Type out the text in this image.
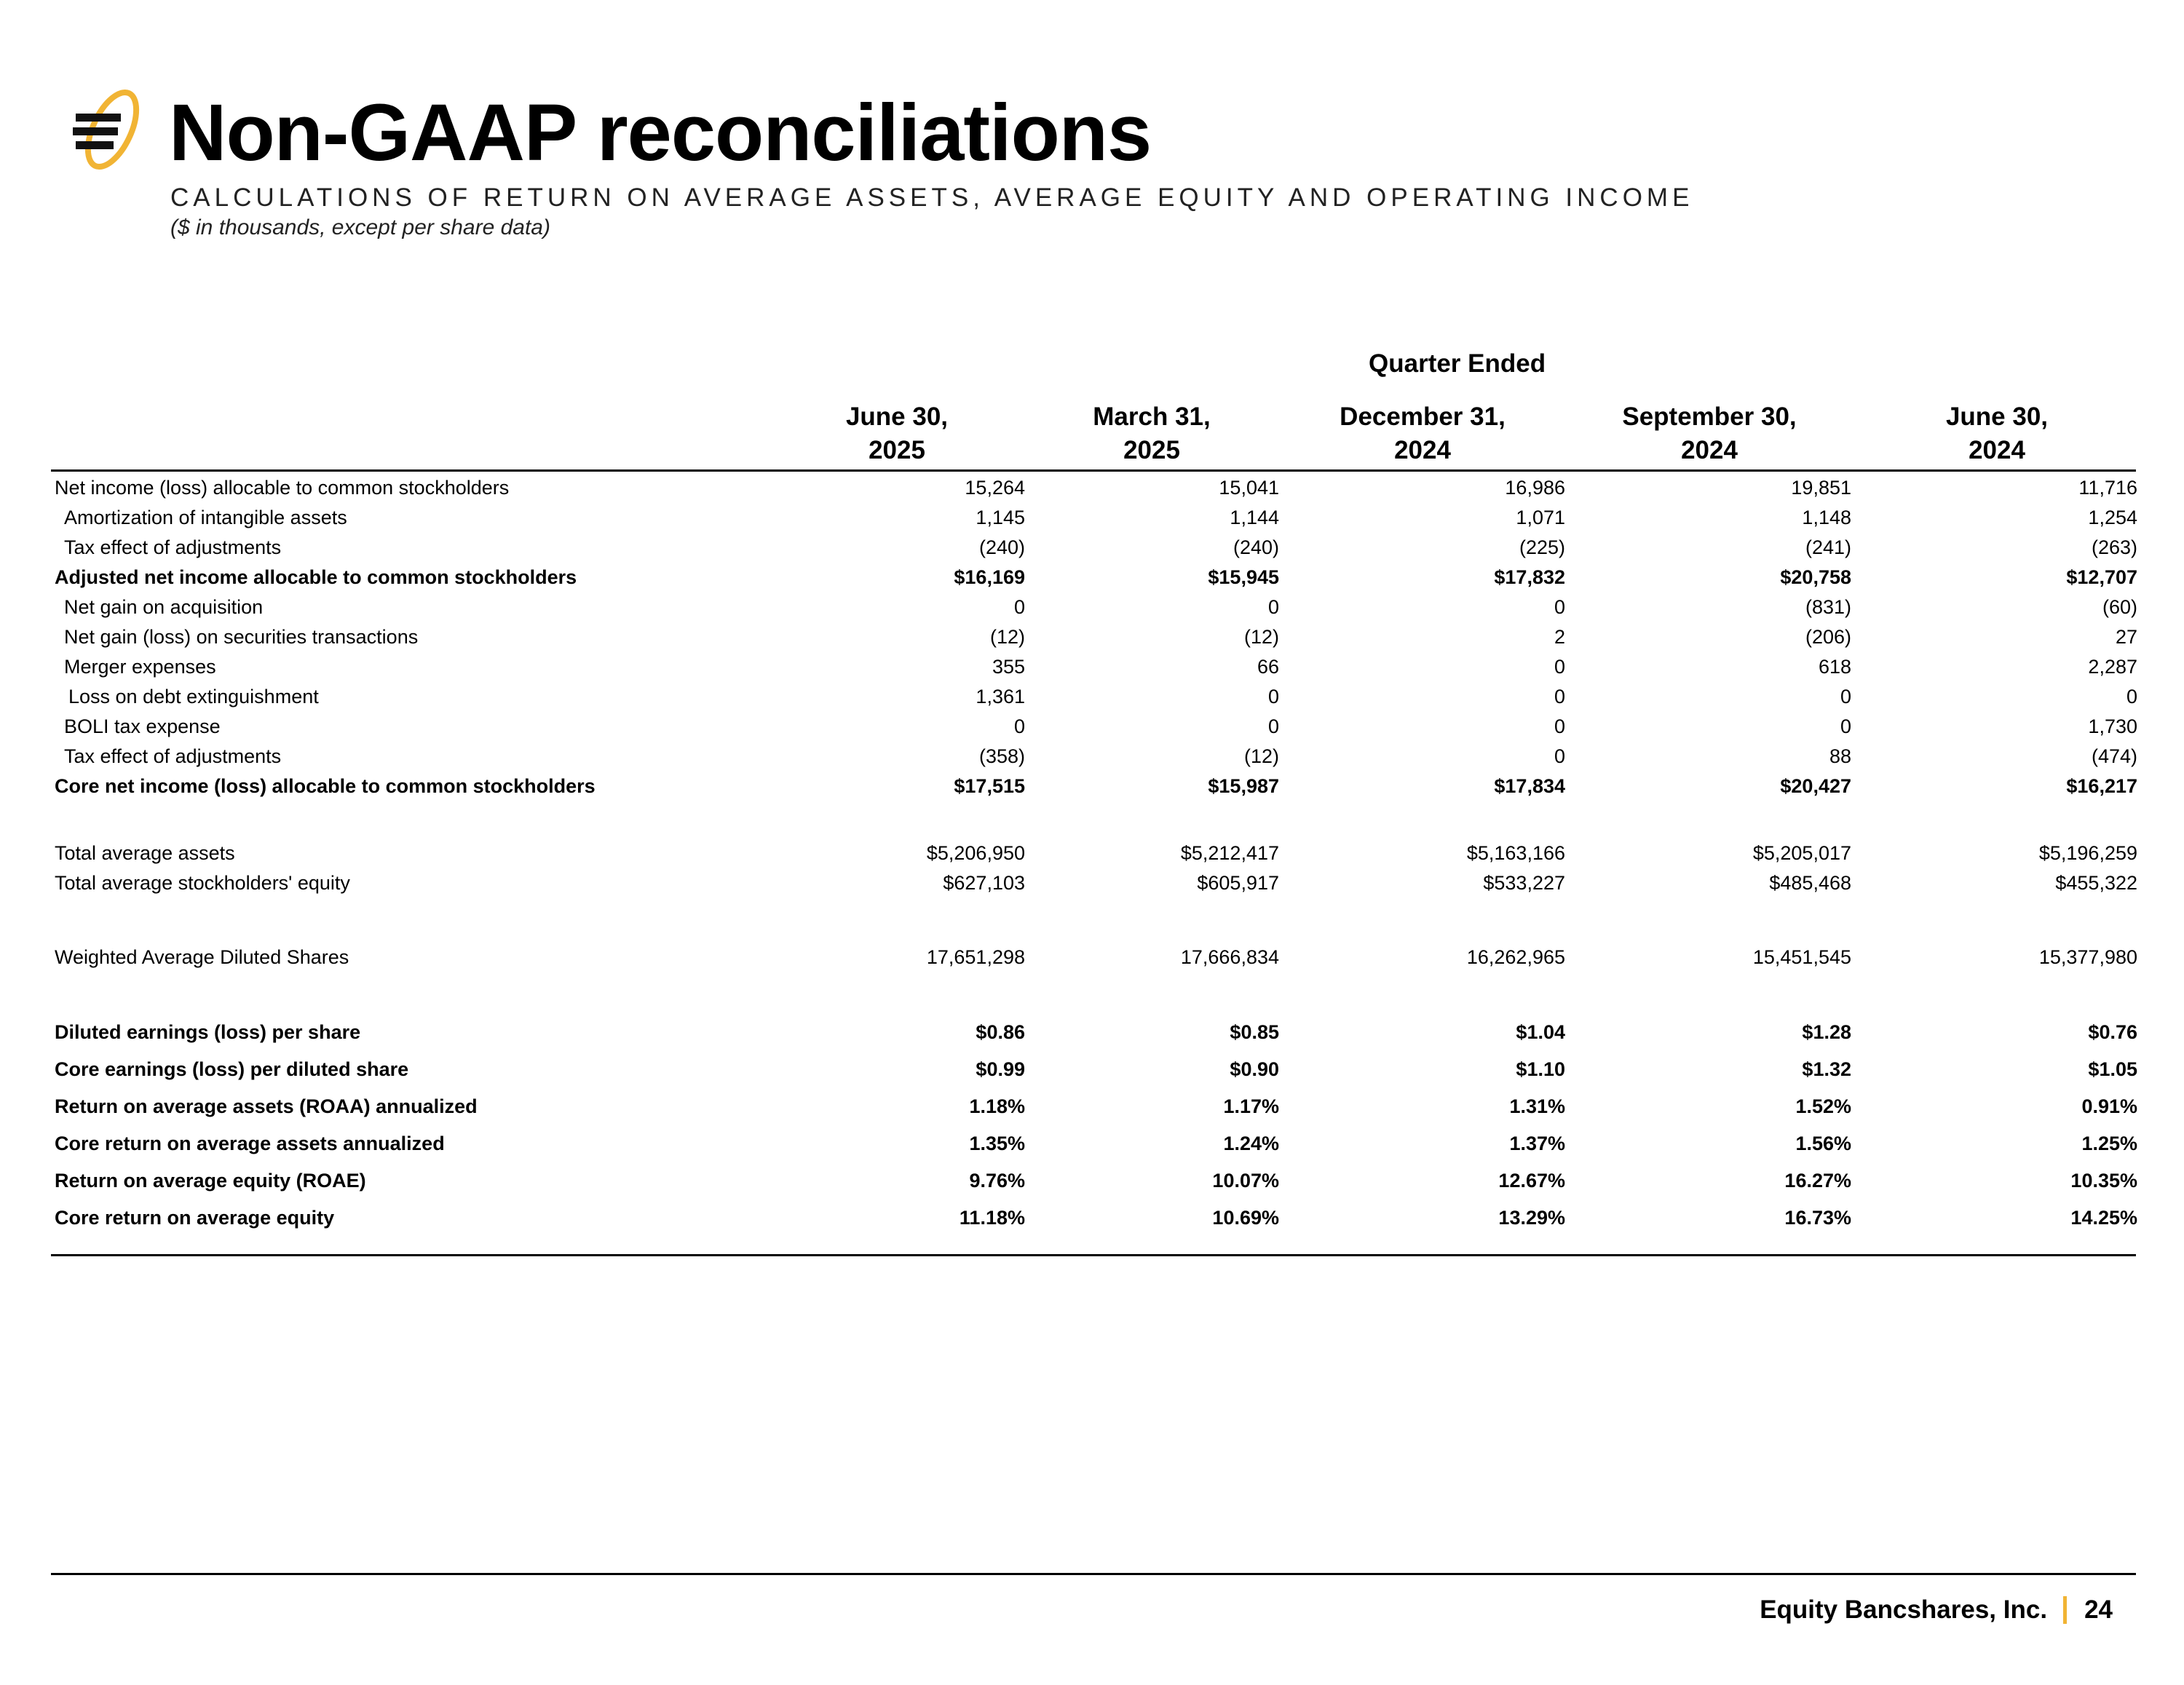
Non-GAAP reconciliations
CALCULATIONS OF RETURN ON AVERAGE ASSETS, AVERAGE EQUITY AND OPERATING INCOME
($ in thousands, except per share data)
Quarter Ended
June 30,
2025
March 31,
2025
December 31,
2024
September 30,
2024
June 30,
2024
Net income (loss) allocable to common stockholders	15,264	15,041	16,986	19,851	11,716
Amortization of intangible assets	1,145	1,144	1,071	1,148	1,254
Tax effect of adjustments	(240)	(240)	(225)	(241)	(263)
Adjusted net income allocable to common stockholders	$16,169	$15,945	$17,832	$20,758	$12,707
Net gain on acquisition	0	0	0	(831)	(60)
Net gain (loss) on securities transactions	(12)	(12)	2	(206)	27
Merger expenses	355	66	0	618	2,287
Loss on debt extinguishment	1,361	0	0	0	0
BOLI tax expense	0	0	0	0	1,730
Tax effect of adjustments	(358)	(12)	0	88	(474)
Core net income (loss) allocable to common stockholders	$17,515	$15,987	$17,834	$20,427	$16,217
Total average assets	$5,206,950	$5,212,417	$5,163,166	$5,205,017	$5,196,259
Total average stockholders' equity	$627,103	$605,917	$533,227	$485,468	$455,322
Weighted Average Diluted Shares	17,651,298	17,666,834	16,262,965	15,451,545	15,377,980
Diluted earnings (loss) per share	$0.86	$0.85	$1.04	$1.28	$0.76
Core earnings (loss) per diluted share	$0.99	$0.90	$1.10	$1.32	$1.05
Return on average assets (ROAA) annualized	1.18%	1.17%	1.31%	1.52%	0.91%
Core return on average assets annualized	1.35%	1.24%	1.37%	1.56%	1.25%
Return on average equity (ROAE)	9.76%	10.07%	12.67%	16.27%	10.35%
Core return on average equity	11.18%	10.69%	13.29%	16.73%	14.25%
Equity Bancshares, Inc. 24
